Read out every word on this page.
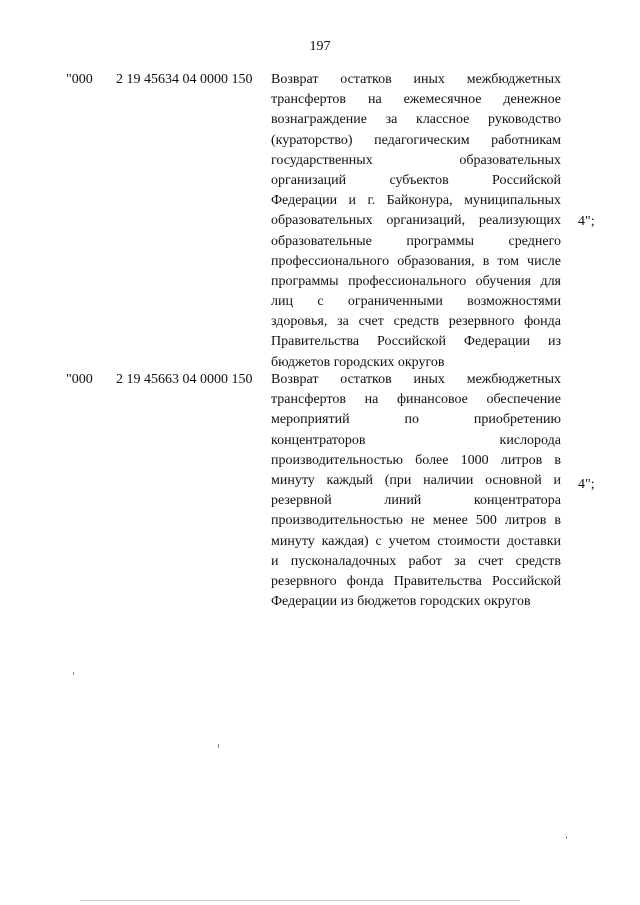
197
"000 2 19 45634 04 0000 150 Возврат остатков иных межбюджетных
трансфертов на ежемесячное денежное
вознаграждение за классное руководство
(кураторство) педагогическим работникам
государственных образовательных
организаций субъектов Российской
Федерации и г. Байконура, муниципальных
образовательных организаций, реализующих
образовательные программы среднего
профессионального образования, в том числе
программы профессионального обучения для
лиц с ограниченными возможностями
здоровья, за счет средств резервного фонда
Правительства Российской Федерации из
бюджетов городских округов
4";
"000 2 19 45663 04 0000 150 Возврат остатков иных межбюджетных
трансфертов на финансовое обеспечение
мероприятий по приобретению
концентраторов кислорода
производительностью более 1000 литров в
минуту каждый (при наличии основной и
резервной линий концентратора
производительностью не менее 500 литров в
минуту каждая) с учетом стоимости доставки
и пусконаладочных работ за счет средств
резервного фонда Правительства Российской
Федерации из бюджетов городских округов
4";
